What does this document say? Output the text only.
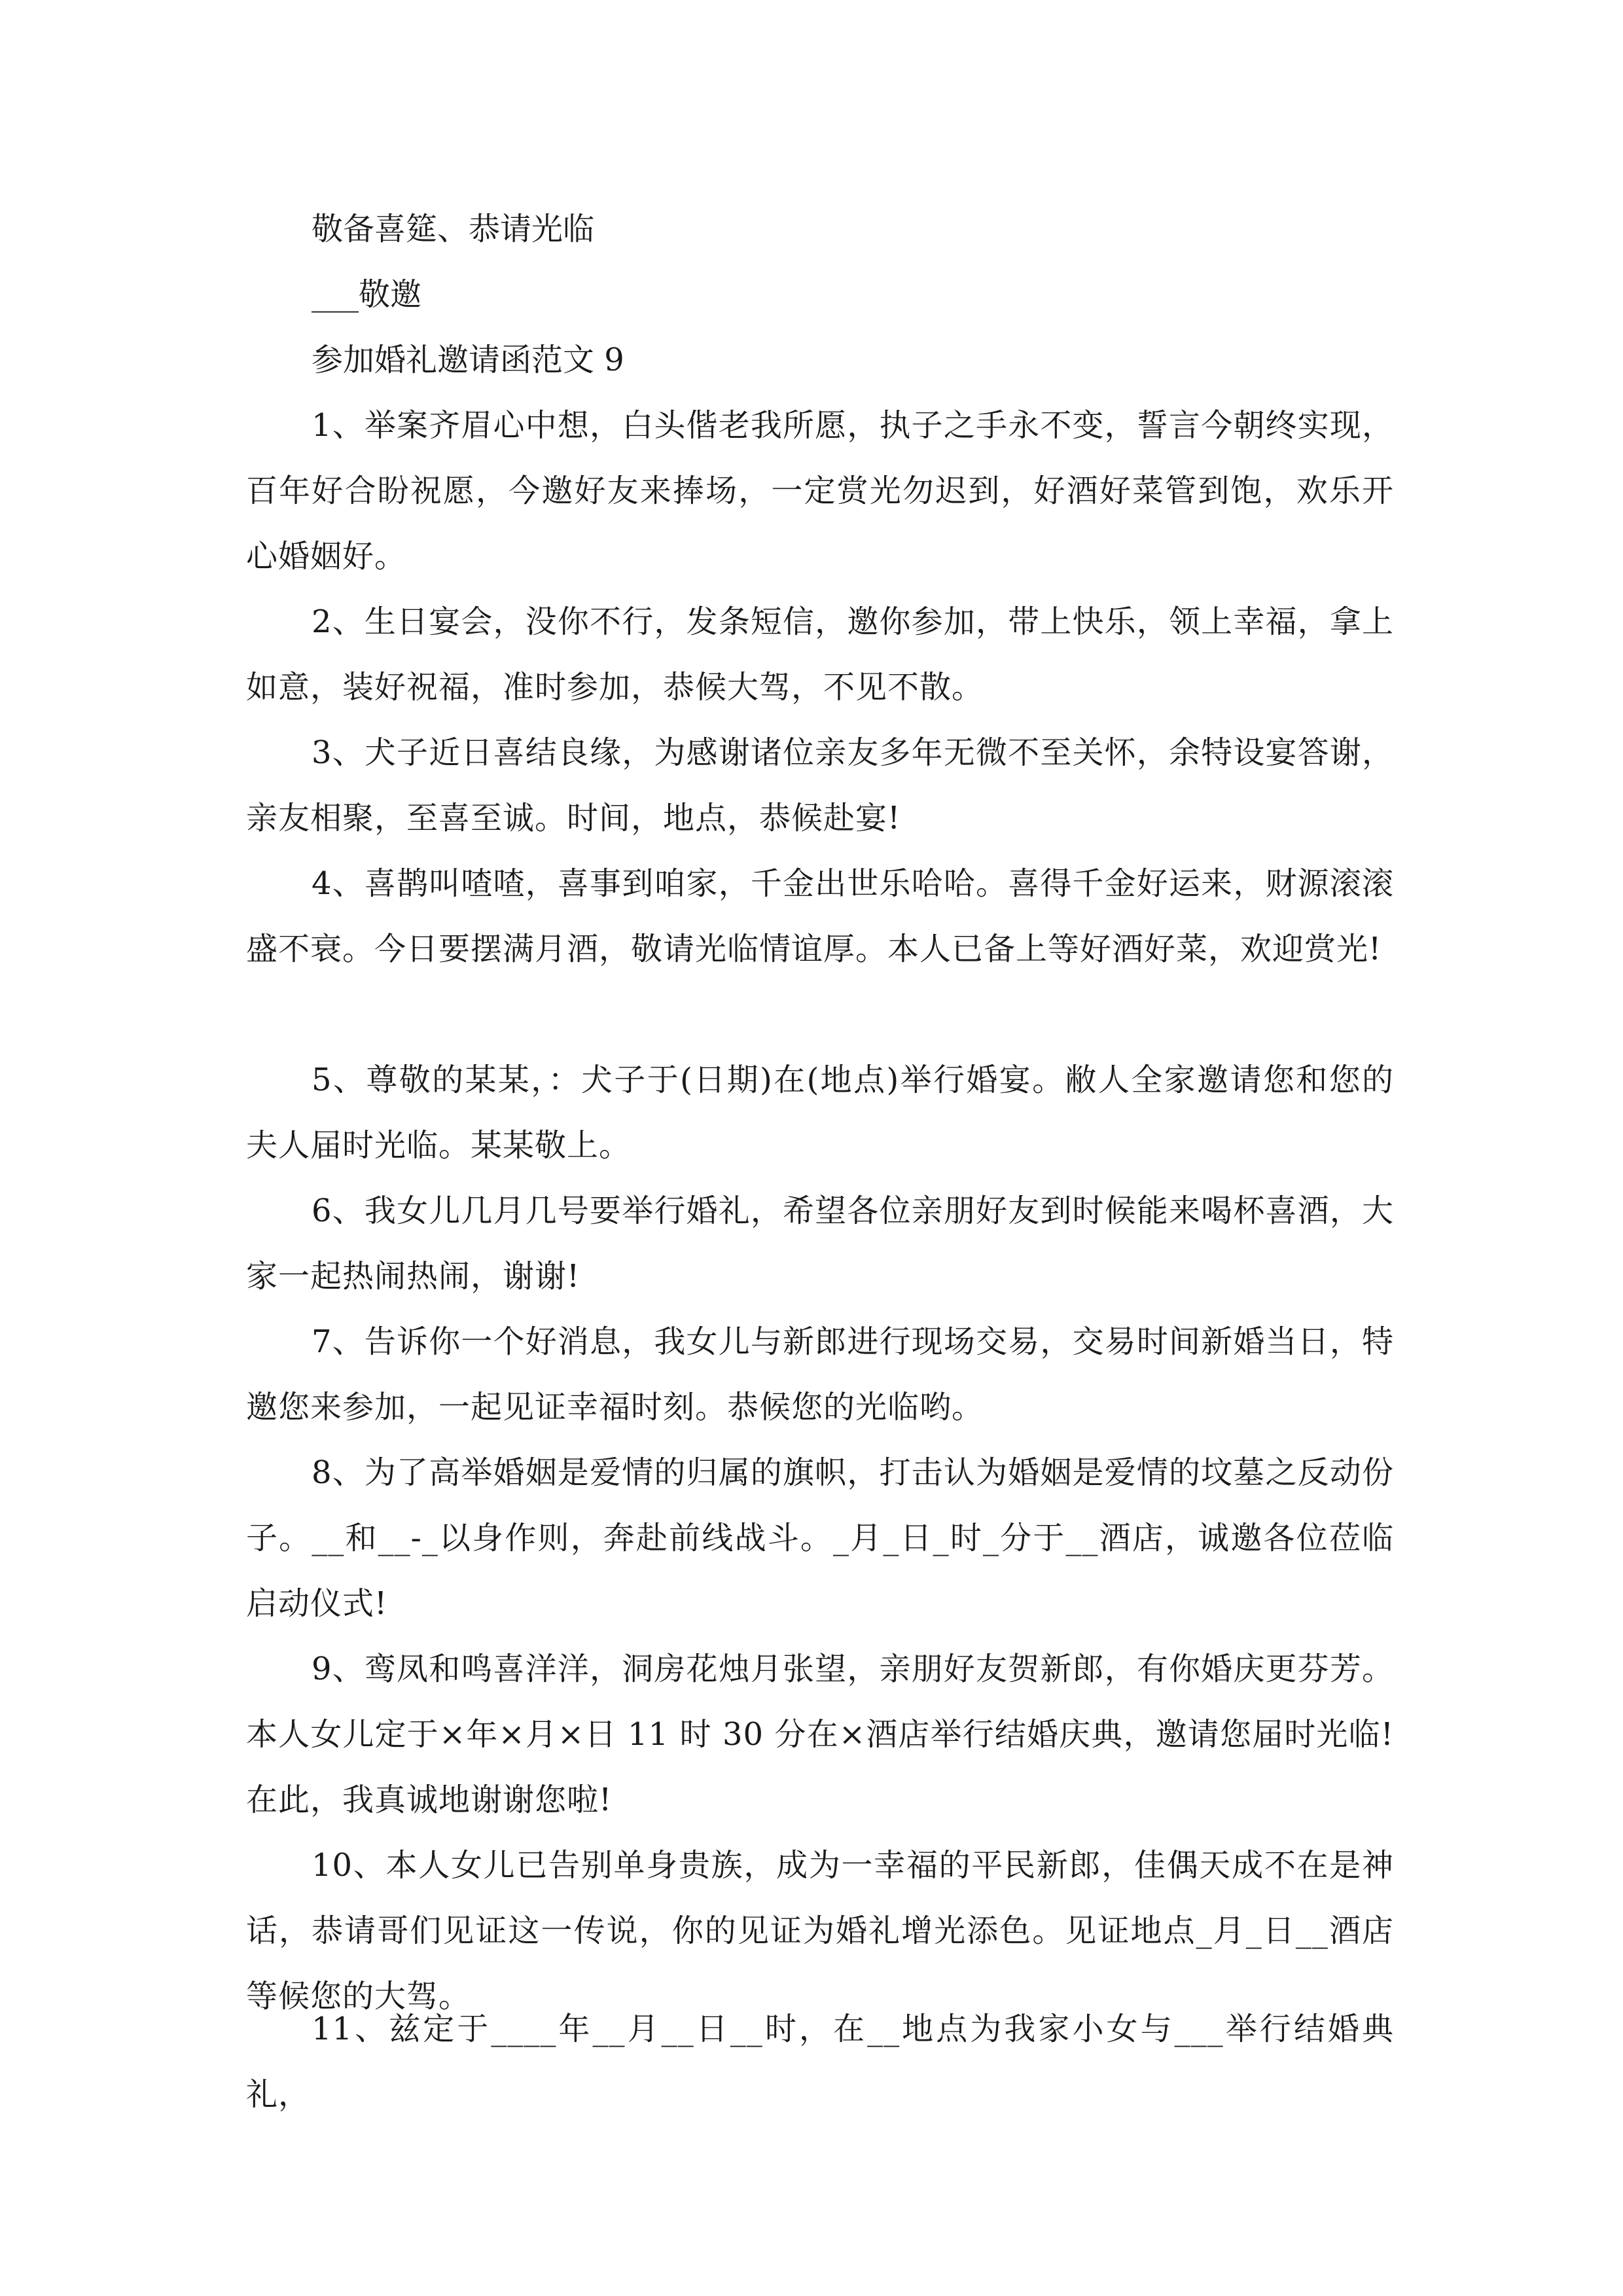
敬备喜筵、恭请光临
___敬邀
参加婚礼邀请函范文 9
1、举案齐眉心中想，白头偕老我所愿，执子之手永不变，誓言今朝终实现，百年好合盼祝愿，今邀好友来捧场，一定赏光勿迟到，好酒好菜管到饱，欢乐开心婚姻好。
2、生日宴会，没你不行，发条短信，邀你参加，带上快乐，领上幸福，拿上如意，装好祝福，准时参加，恭候大驾，不见不散。
3、犬子近日喜结良缘，为感谢诸位亲友多年无微不至关怀，余特设宴答谢，亲友相聚，至喜至诚。时间，地点，恭候赴宴!
4、喜鹊叫喳喳，喜事到咱家，千金出世乐哈哈。喜得千金好运来，财源滚滚盛不衰。今日要摆满月酒，敬请光临情谊厚。本人已备上等好酒好菜，欢迎赏光!
5、尊敬的某某，：犬子于(日期)在(地点)举行婚宴。敝人全家邀请您和您的夫人届时光临。某某敬上。
6、我女儿几月几号要举行婚礼，希望各位亲朋好友到时候能来喝杯喜酒，大家一起热闹热闹，谢谢!
7、告诉你一个好消息，我女儿与新郎进行现场交易，交易时间新婚当日，特邀您来参加，一起见证幸福时刻。恭候您的光临哟。
8、为了高举婚姻是爱情的归属的旗帜，打击认为婚姻是爱情的坟墓之反动份子。__和__-_以身作则，奔赴前线战斗。_月_日_时_分于__酒店，诚邀各位莅临启动仪式!
9、鸾凤和鸣喜洋洋，洞房花烛月张望，亲朋好友贺新郎，有你婚庆更芬芳。本人女儿定于×年×月×日 11 时 30 分在×酒店举行结婚庆典，邀请您届时光临!在此，我真诚地谢谢您啦!
10、本人女儿已告别单身贵族，成为一幸福的平民新郎，佳偶天成不在是神话，恭请哥们见证这一传说，你的见证为婚礼增光添色。见证地点_月_日__酒店等候您的大驾。
11、兹定于____年__月__日__时，在__地点为我家小女与___举行结婚典礼，
